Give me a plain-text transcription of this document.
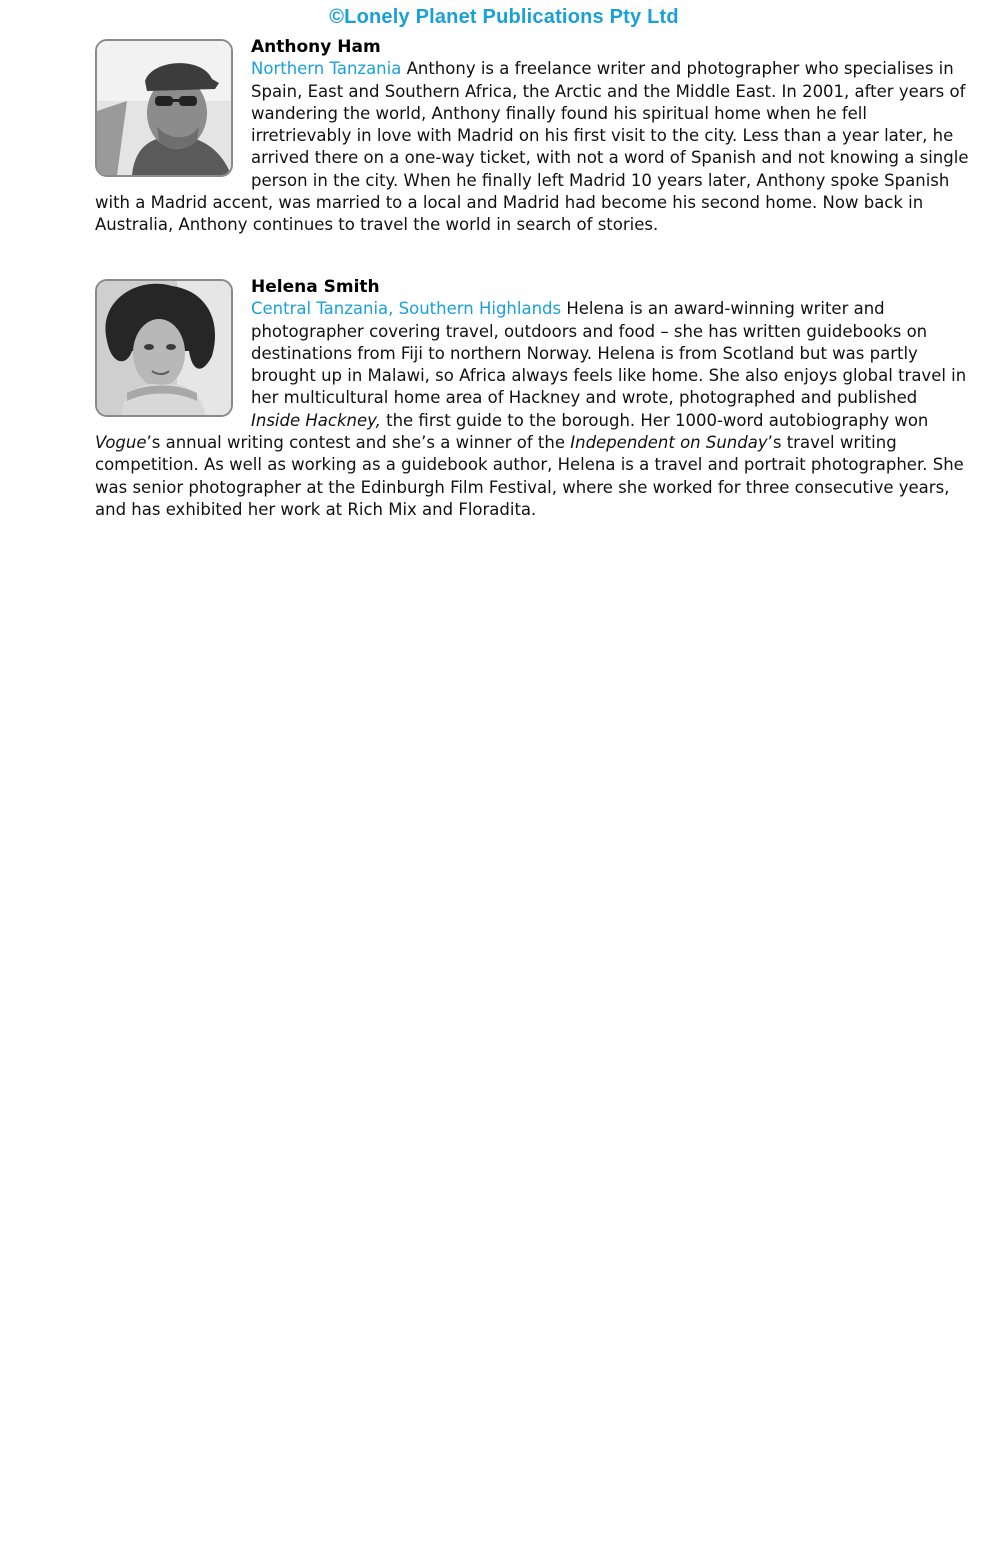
©Lonely Planet Publications Pty Ltd
Anthony Ham

Northern Tanzania Anthony is a freelance writer and photographer who specialises in Spain, East and Southern Africa, the Arctic and the Middle East. In 2001, after years of wandering the world, Anthony finally found his spiritual home when he fell irretrievably in love with Madrid on his first visit to the city. Less than a year later, he arrived there on a one-way ticket, with not a word of Spanish and not knowing a single person in the city. When he finally left Madrid 10 years later, Anthony spoke Spanish with a Madrid accent, was married to a local and Madrid had become his second home. Now back in Australia, Anthony continues to travel the world in search of stories.

Helena Smith

Central Tanzania, Southern Highlands Helena is an award-winning writer and photographer covering travel, outdoors and food – she has written guidebooks on destinations from Fiji to northern Norway. Helena is from Scotland but was partly brought up in Malawi, so Africa always feels like home. She also enjoys global travel in her multicultural home area of Hackney and wrote, photographed and published Inside Hackney, the first guide to the borough. Her 1000-word autobiography won Vogue’s annual writing contest and she’s a winner of the Independent on Sunday’s travel writing competition. As well as working as a guidebook author, Helena is a travel and portrait photographer. She was senior photographer at the Edinburgh Film Festival, where she worked for three consecutive years, and has exhibited her work at Rich Mix and Floradita.
